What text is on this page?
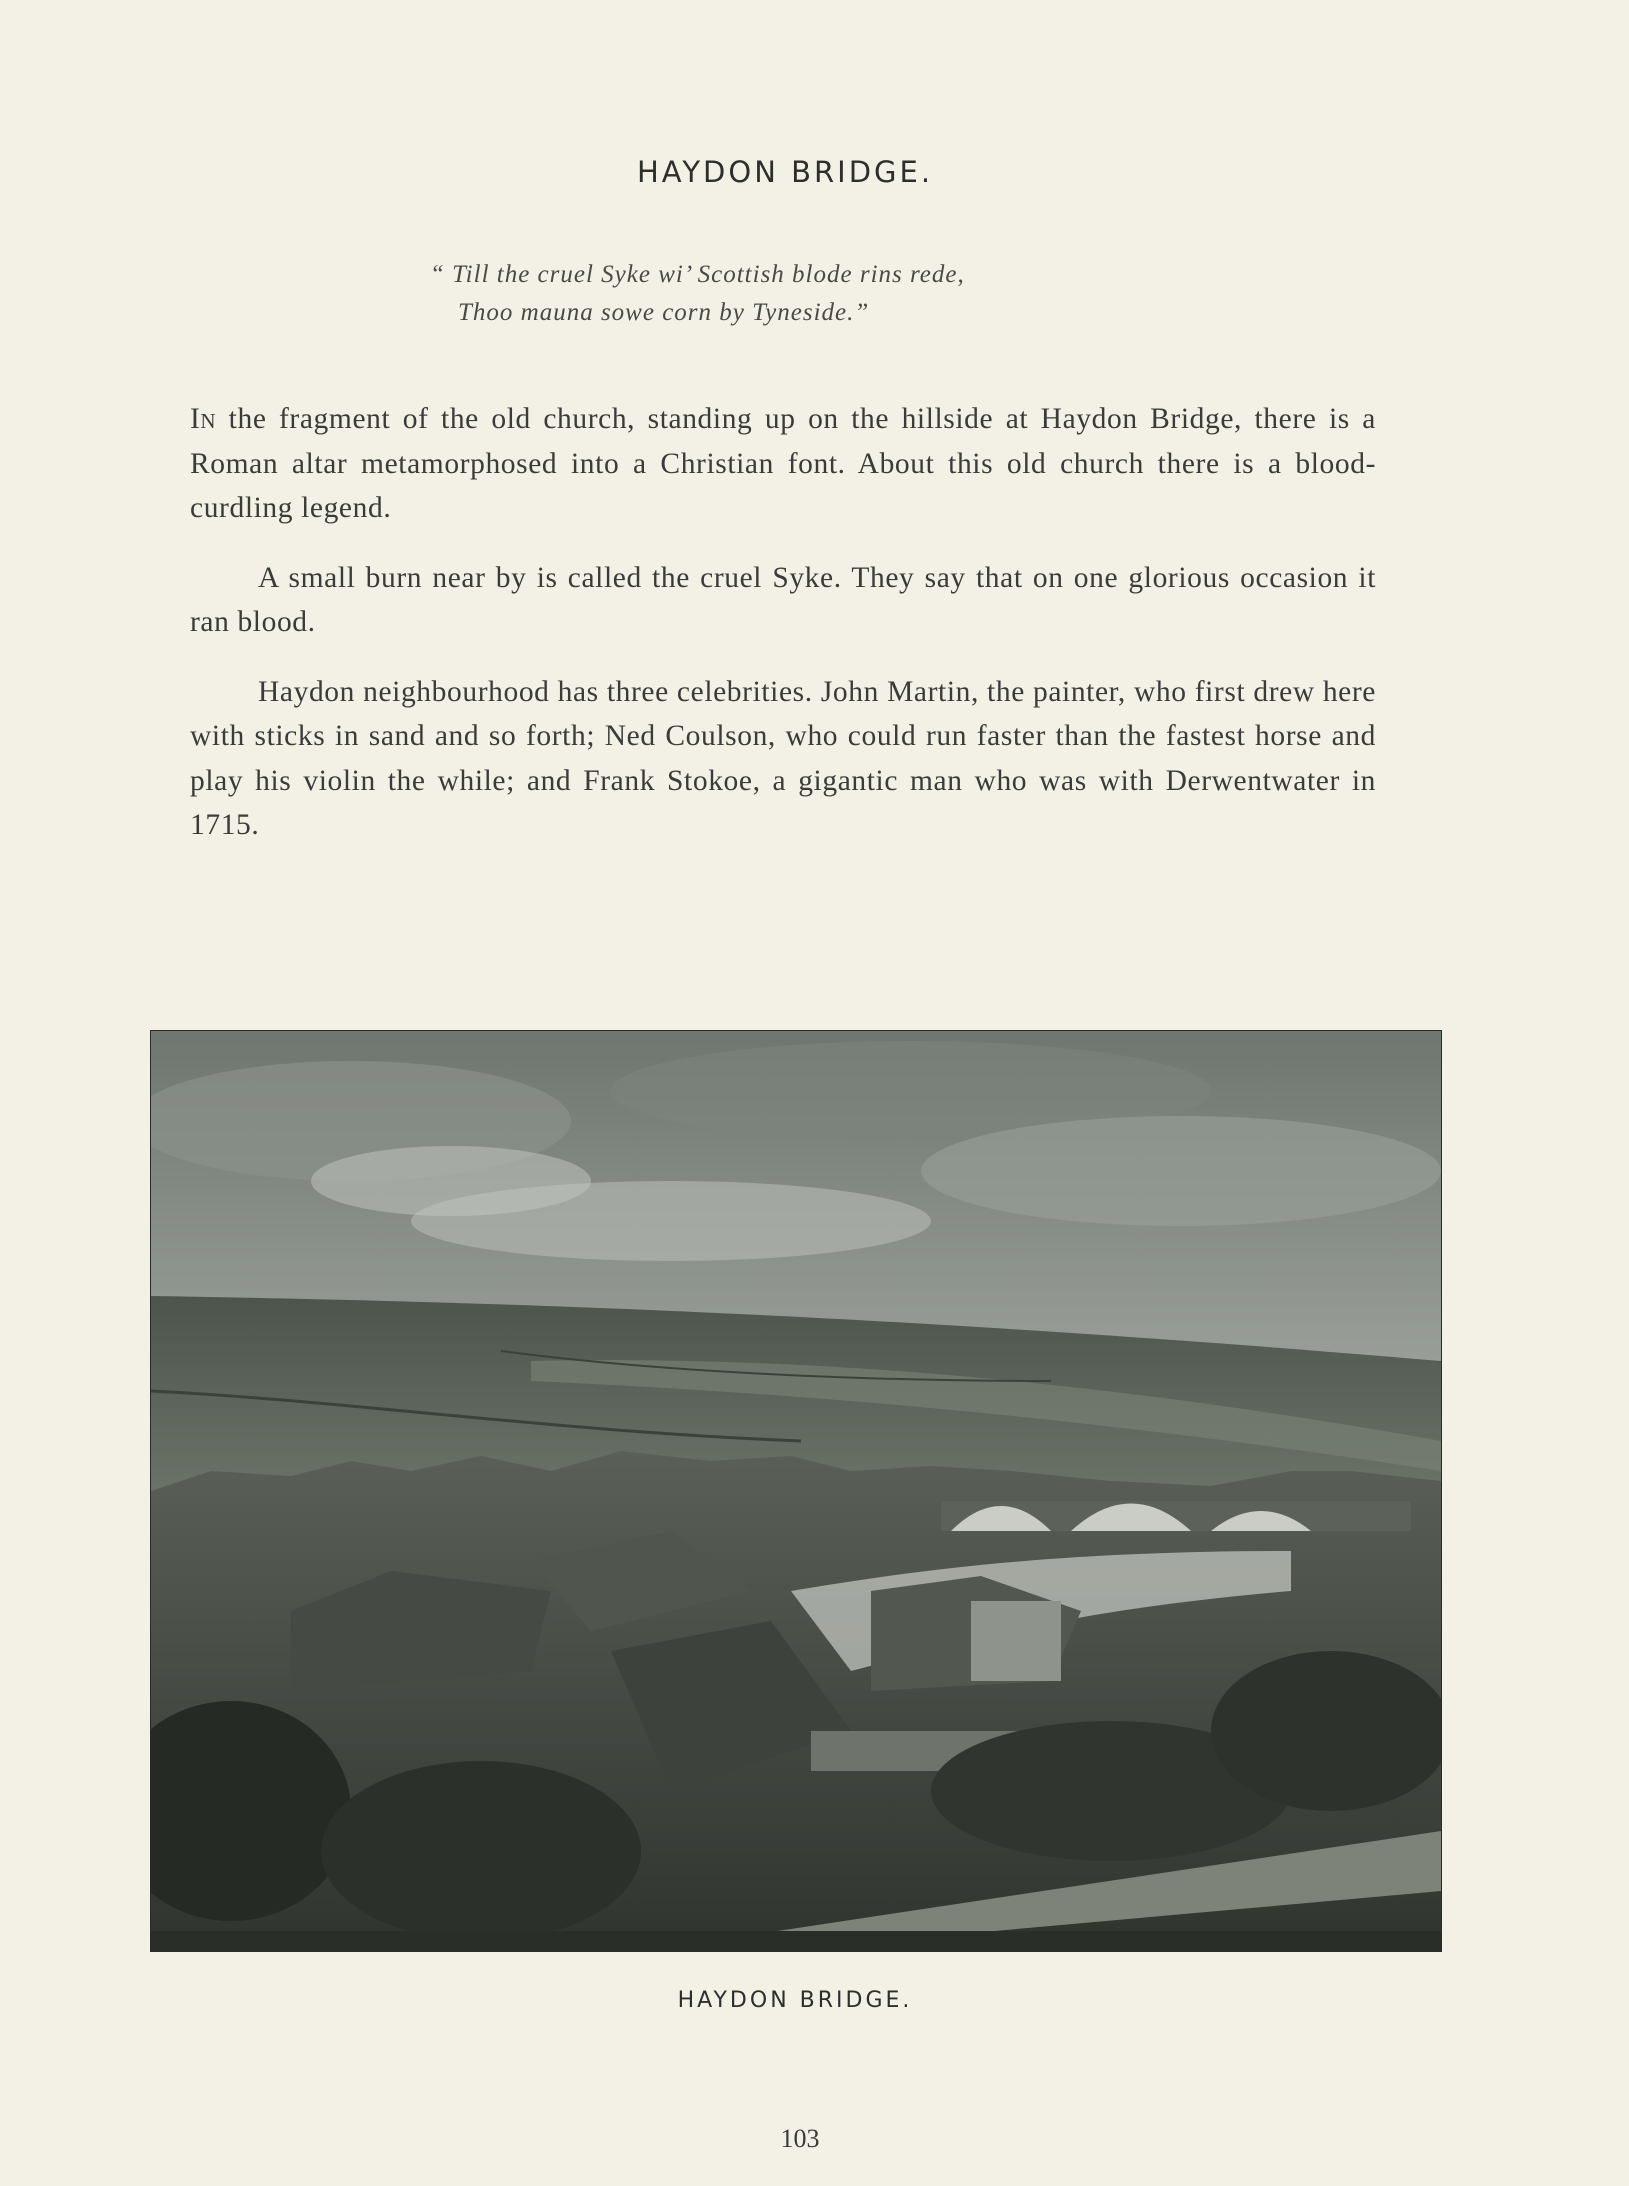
HAYDON BRIDGE.
“ Till the cruel Syke wi’ Scottish blode rins rede,
Thoo mauna sowe corn by Tyneside.”

In the fragment of the old church, standing up on the hillside at Haydon Bridge, there is a Roman altar metamorphosed into a Christian font. About this old church there is a blood-curdling legend.

A small burn near by is called the cruel Syke. They say that on one glorious occasion it ran blood.

Haydon neighbourhood has three celebrities. John Martin, the painter, who first drew here with sticks in sand and so forth; Ned Coulson, who could run faster than the fastest horse and play his violin the while; and Frank Stokoe, a gigantic man who was with Derwentwater in 1715.

HAYDON BRIDGE.
103
